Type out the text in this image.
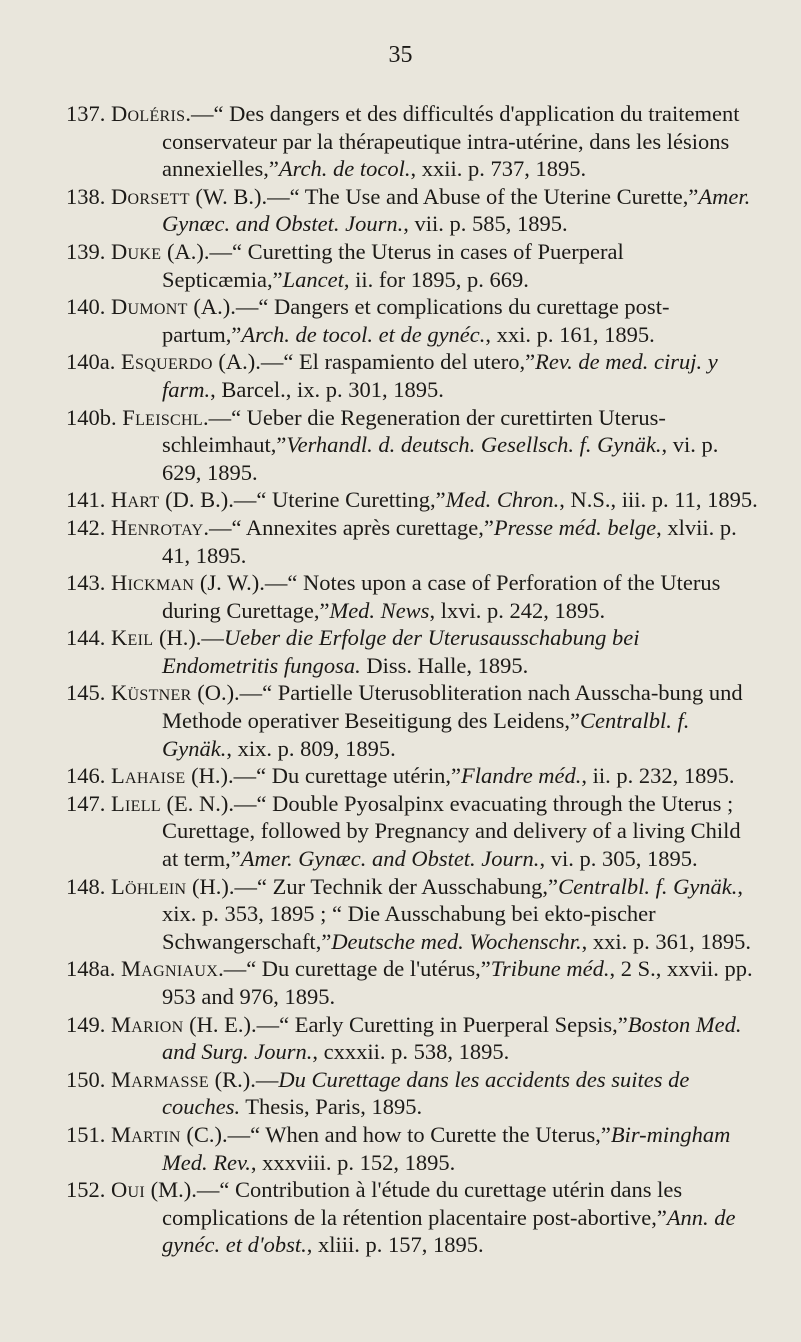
35

137. Doléris.—“ Des dangers et des difficultés d'application du traitement conservateur par la thérapeutique intra-utérine, dans les lésions annexielles,”Arch. de tocol., xxii. p. 737, 1895.

138. Dorsett (W. B.).—“ The Use and Abuse of the Uterine Curette,”Amer. Gynæc. and Obstet. Journ., vii. p. 585, 1895.

139. Duke (A.).—“ Curetting the Uterus in cases of Puerperal Septicæmia,”Lancet, ii. for 1895, p. 669.

140. Dumont (A.).—“ Dangers et complications du curettage post-partum,”Arch. de tocol. et de gynéc., xxi. p. 161, 1895.

140a. Esquerdo (A.).—“ El raspamiento del utero,”Rev. de med. ciruj. y farm., Barcel., ix. p. 301, 1895.

140b. Fleischl.—“ Ueber die Regeneration der curettirten Uterus-schleimhaut,”Verhandl. d. deutsch. Gesellsch. f. Gynäk., vi. p. 629, 1895.

141. Hart (D. B.).—“ Uterine Curetting,”Med. Chron., N.S., iii. p. 11, 1895.

142. Henrotay.—“ Annexites après curettage,”Presse méd. belge, xlvii. p. 41, 1895.

143. Hickman (J. W.).—“ Notes upon a case of Perforation of the Uterus during Curettage,”Med. News, lxvi. p. 242, 1895.

144. Keil (H.).—Ueber die Erfolge der Uterusausschabung bei Endometritis fungosa. Diss. Halle, 1895.

145. Küstner (O.).—“ Partielle Uterusobliteration nach Ausscha-bung und Methode operativer Beseitigung des Leidens,”Centralbl. f. Gynäk., xix. p. 809, 1895.

146. Lahaise (H.).—“ Du curettage utérin,”Flandre méd., ii. p. 232, 1895.

147. Liell (E. N.).—“ Double Pyosalpinx evacuating through the Uterus ; Curettage, followed by Pregnancy and delivery of a living Child at term,”Amer. Gynæc. and Obstet. Journ., vi. p. 305, 1895.

148. Löhlein (H.).—“ Zur Technik der Ausschabung,”Centralbl. f. Gynäk., xix. p. 353, 1895 ; “ Die Ausschabung bei ekto-pischer Schwangerschaft,”Deutsche med. Wochenschr., xxi. p. 361, 1895.

148a. Magniaux.—“ Du curettage de l'utérus,”Tribune méd., 2 S., xxvii. pp. 953 and 976, 1895.

149. Marion (H. E.).—“ Early Curetting in Puerperal Sepsis,”Boston Med. and Surg. Journ., cxxxii. p. 538, 1895.

150. Marmasse (R.).—Du Curettage dans les accidents des suites de couches. Thesis, Paris, 1895.

151. Martin (C.).—“ When and how to Curette the Uterus,”Bir-mingham Med. Rev., xxxviii. p. 152, 1895.

152. Oui (M.).—“ Contribution à l'étude du curettage utérin dans les complications de la rétention placentaire post-abortive,”Ann. de gynéc. et d'obst., xliii. p. 157, 1895.
